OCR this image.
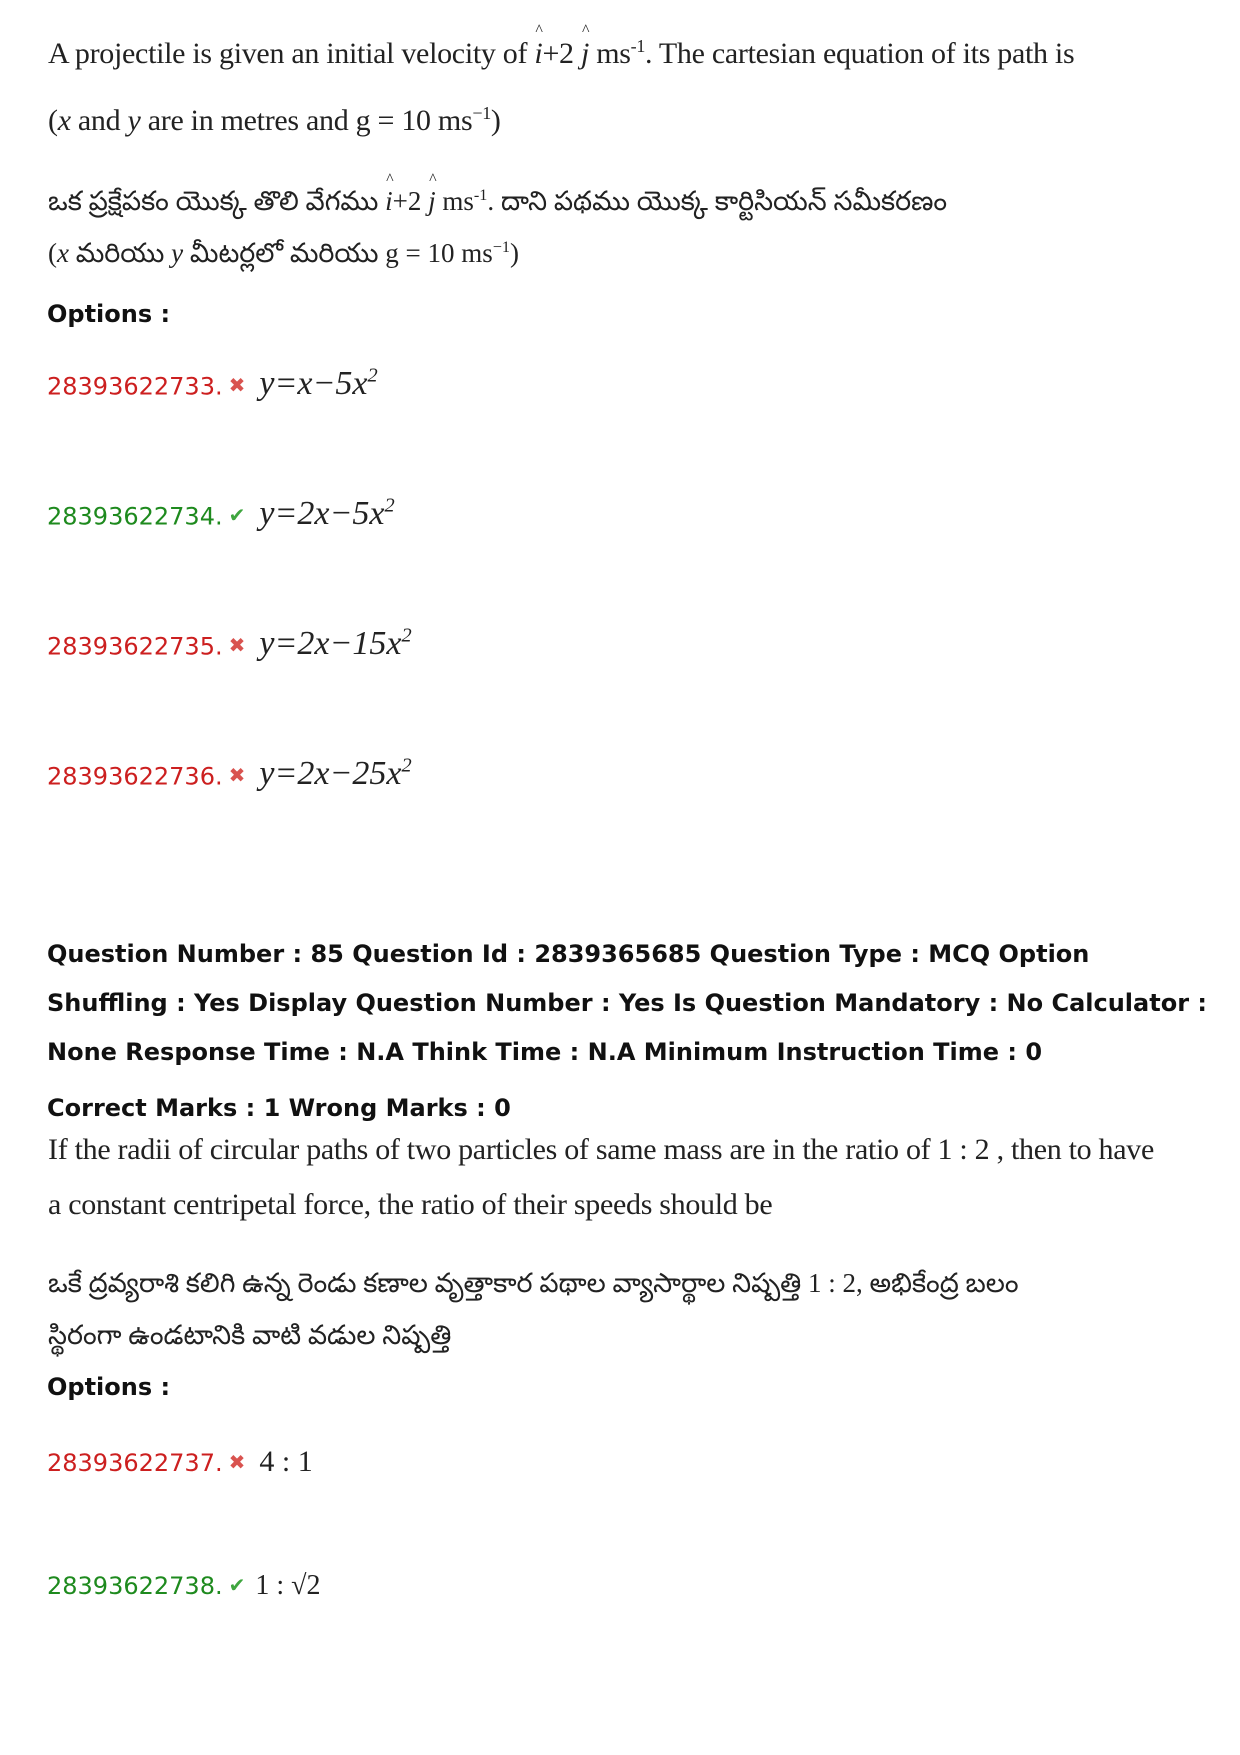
A projectile is given an initial velocity of ^ i+2 ^ j $ms^{-1}$. The cartesian equation of its path is
(x and y are in metres and g = 10 $ms^{-1}$)
ఒక ప్రక్షేపకం యొక్క తొలి వేగము ^ i+2 ^ j $ms^{-1}$. దాని పథము యొక్క కార్టిసియన్ సమీకరణం
(x మరియు y మీటర్లలో మరియు g = 10 $ms^{-1}$)
Options :
28393622733. ✖ $y=x-5x^2$
28393622734. ✔ $y=2x-5x^2$
28393622735. ✖ $y=2x-15x^2$
28393622736. ✖ $y=2x-25x^2$
Question Number : 85 Question Id : 2839365685 Question Type : MCQ Option Shuffling : Yes Display Question Number : Yes Is Question Mandatory : No Calculator : None Response Time : N.A Think Time : N.A Minimum Instruction Time : 0
Correct Marks : 1 Wrong Marks : 0
If the radii of circular paths of two particles of same mass are in the ratio of 1 : 2 , then to have
a constant centripetal force, the ratio of their speeds should be
ఒకే ద్రవ్యరాశి కలిగి ఉన్న రెండు కణాల వృత్తాకార పథాల వ్యాసార్థాల నిష్పత్తి 1 : 2, అభికేంద్ర బలం
స్థిరంగా ఉండటానికి వాటి వడుల నిష్పత్తి
Options :
28393622737. ✖ 4 : 1
28393622738. ✔ 1 : √2
